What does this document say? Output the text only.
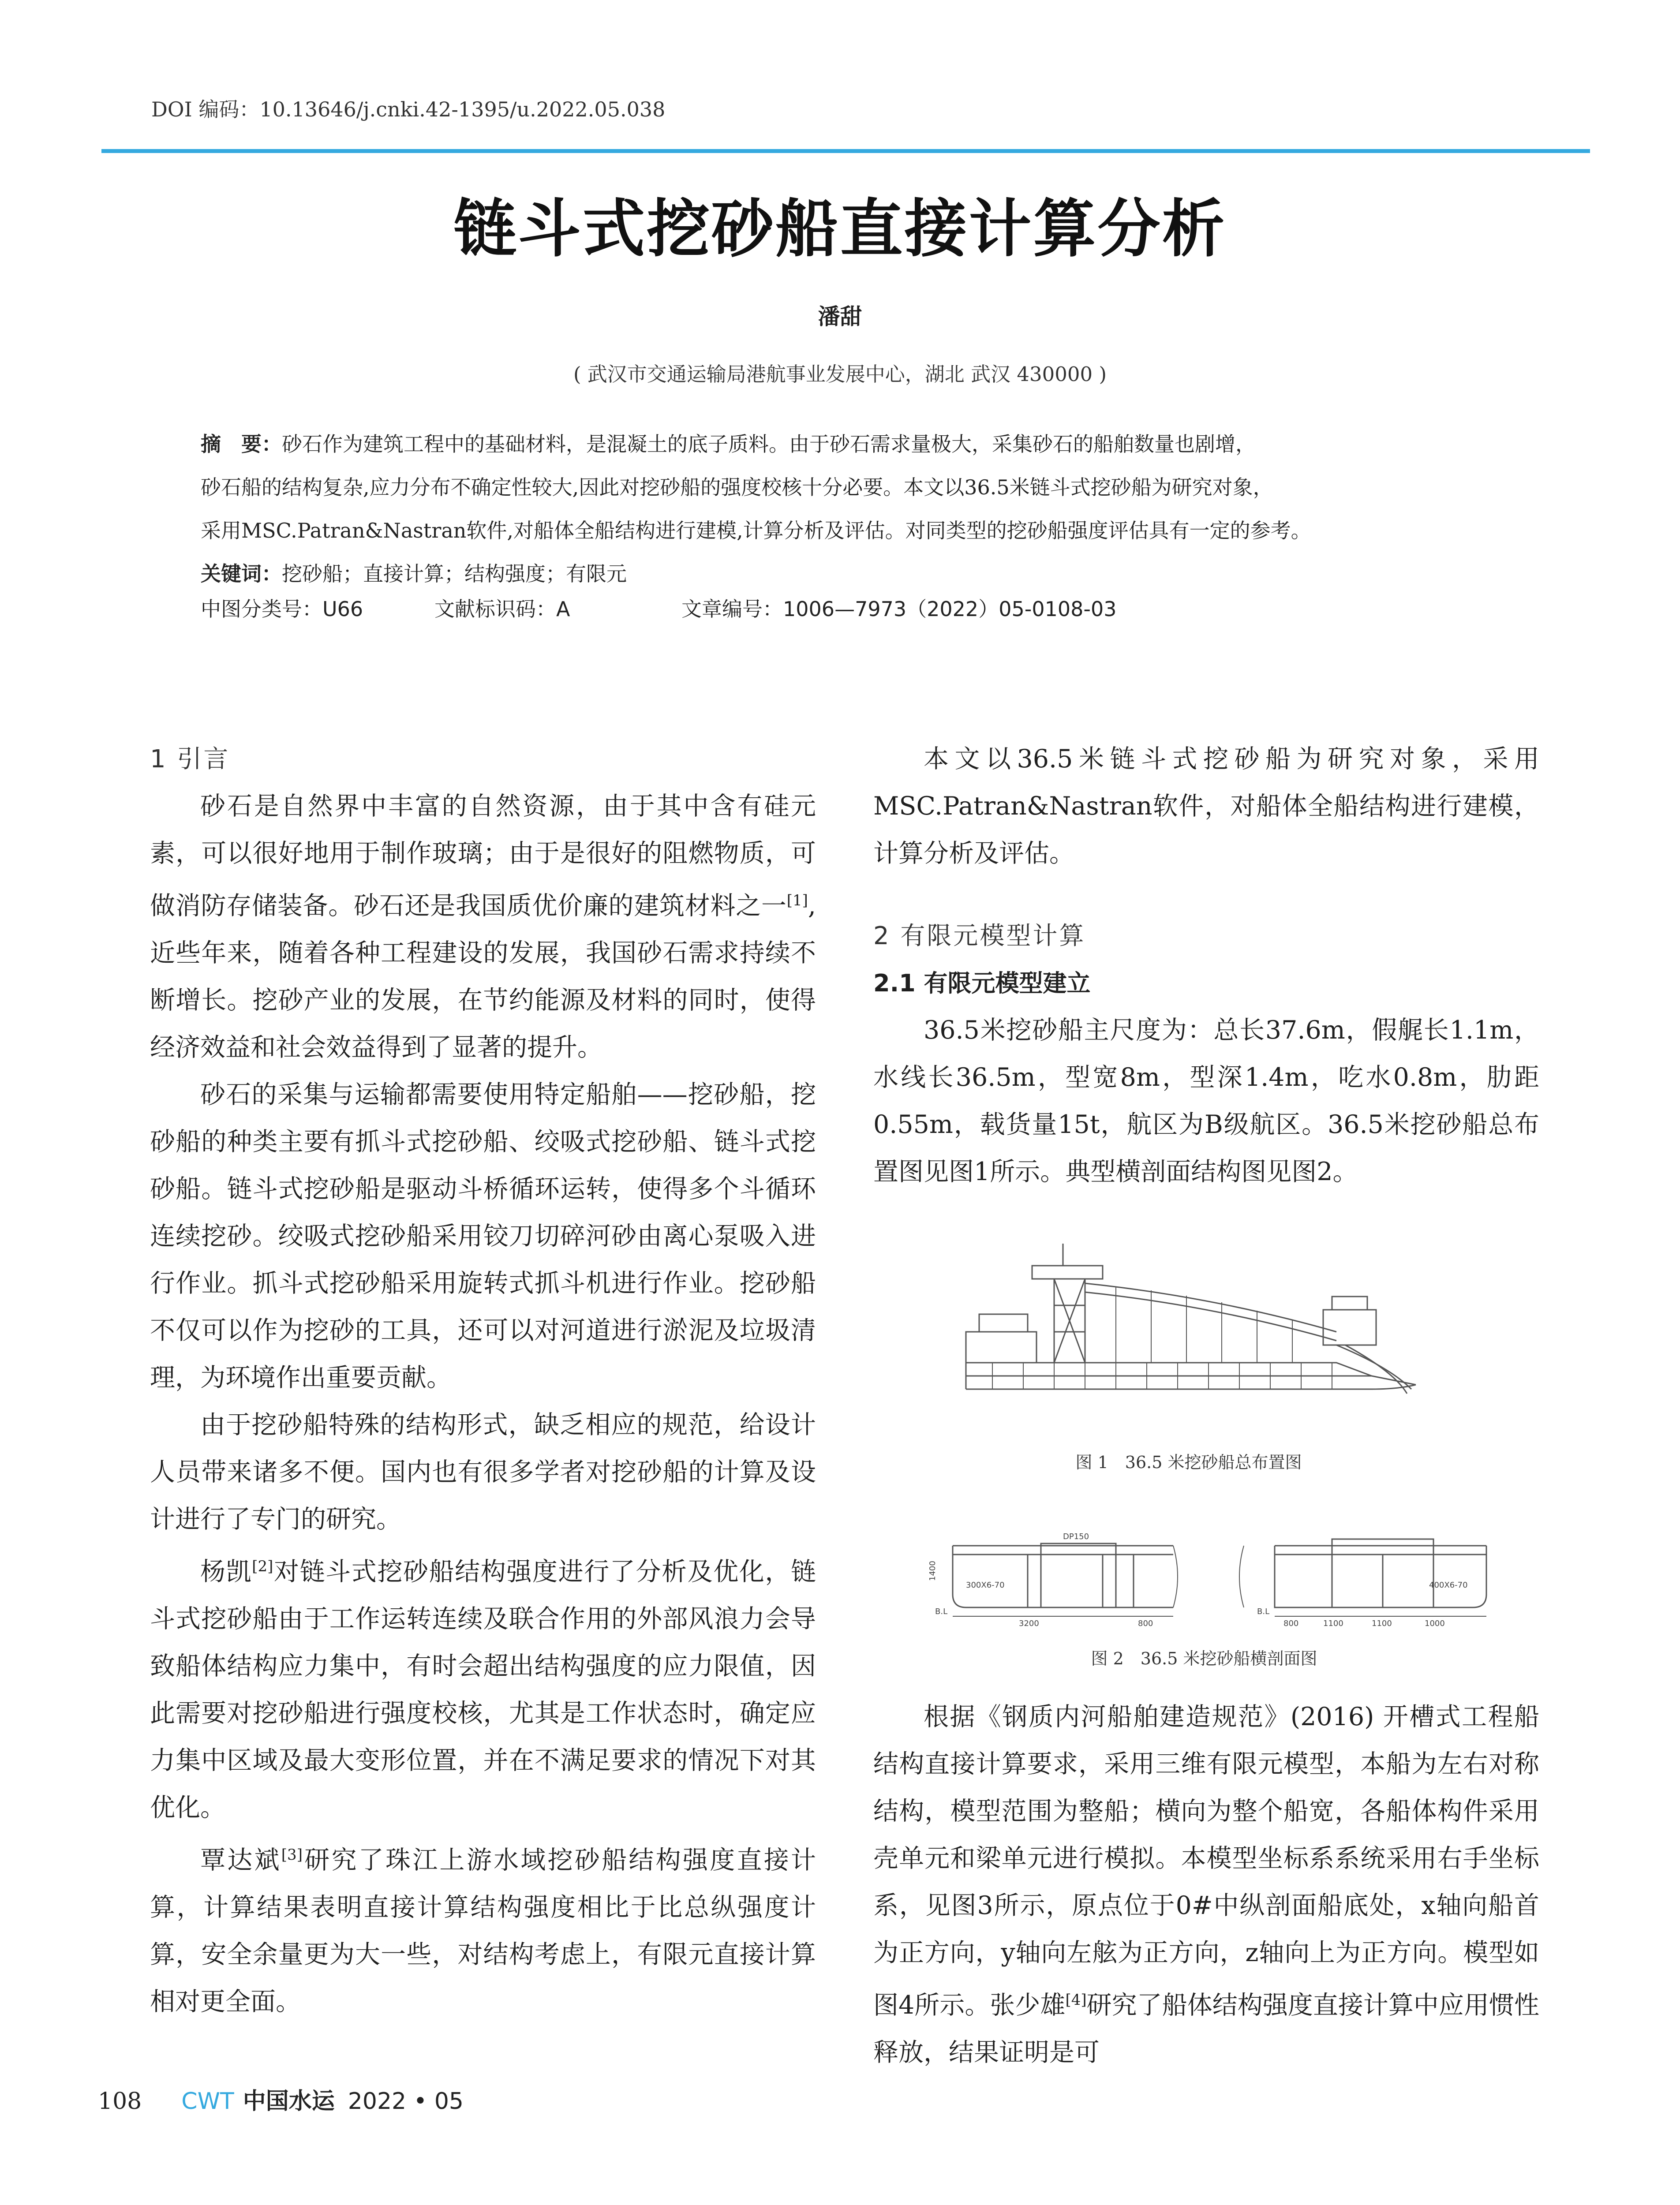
DOI 编码：10.13646/j.cnki.42-1395/u.2022.05.038
链斗式挖砂船直接计算分析
潘甜
( 武汉市交通运输局港航事业发展中心，湖北 武汉 430000 )
摘　要：砂石作为建筑工程中的基础材料，是混凝土的底子质料。由于砂石需求量极大，采集砂石的船舶数量也剧增，
砂石船的结构复杂,应力分布不确定性较大,因此对挖砂船的强度校核十分必要。本文以36.5米链斗式挖砂船为研究对象，
采用MSC.Patran&Nastran软件,对船体全船结构进行建模,计算分析及评估。对同类型的挖砂船强度评估具有一定的参考。
关键词：挖砂船；直接计算；结构强度；有限元
中图分类号：U66	文献标识码：A	文章编号：1006—7973（2022）05-0108-03
1 引言

砂石是自然界中丰富的自然资源，由于其中含有硅元素，可以很好地用于制作玻璃；由于是很好的阻燃物质，可做消防存储装备。砂石还是我国质优价廉的建筑材料之一[1],近些年来，随着各种工程建设的发展，我国砂石需求持续不断增长。挖砂产业的发展，在节约能源及材料的同时，使得经济效益和社会效益得到了显著的提升。

砂石的采集与运输都需要使用特定船舶——挖砂船，挖砂船的种类主要有抓斗式挖砂船、绞吸式挖砂船、链斗式挖砂船。链斗式挖砂船是驱动斗桥循环运转，使得多个斗循环连续挖砂。绞吸式挖砂船采用铰刀切碎河砂由离心泵吸入进行作业。抓斗式挖砂船采用旋转式抓斗机进行作业。挖砂船不仅可以作为挖砂的工具，还可以对河道进行淤泥及垃圾清理，为环境作出重要贡献。

由于挖砂船特殊的结构形式，缺乏相应的规范，给设计人员带来诸多不便。国内也有很多学者对挖砂船的计算及设计进行了专门的研究。

杨凯[2]对链斗式挖砂船结构强度进行了分析及优化，链斗式挖砂船由于工作运转连续及联合作用的外部风浪力会导致船体结构应力集中，有时会超出结构强度的应力限值，因此需要对挖砂船进行强度校核，尤其是工作状态时，确定应力集中区域及最大变形位置，并在不满足要求的情况下对其优化。

覃达斌[3]研究了珠江上游水域挖砂船结构强度直接计算，计算结果表明直接计算结构强度相比于比总纵强度计算，安全余量更为大一些，对结构考虑上，有限元直接计算相对更全面。

本文以36.5米链斗式挖砂船为研究对象，采用MSC.Patran&Nastran软件，对船体全船结构进行建模，计算分析及评估。

2 有限元模型计算
2.1 有限元模型建立

36.5米挖砂船主尺度为：总长37.6m，假艉长1.1m，水线长36.5m，型宽8m，型深1.4m，吃水0.8m，肋距0.55m，载货量15t，航区为B级航区。36.5米挖砂船总布置图见图1所示。典型横剖面结构图见图2。

图 1　36.5 米挖砂船总布置图
1400
3200	800	800	1100	1100	1000
DP150
B.L	B.L
300X6-70	400X6-70
图 2　36.5 米挖砂船横剖面图

根据《钢质内河船舶建造规范》(2016) 开槽式工程船结构直接计算要求，采用三维有限元模型，本船为左右对称结构，模型范围为整船；横向为整个船宽，各船体构件采用壳单元和梁单元进行模拟。本模型坐标系系统采用右手坐标系，见图3所示，原点位于0#中纵剖面船底处，x轴向船首为正方向，y轴向左舷为正方向，z轴向上为正方向。模型如图4所示。张少雄[4]研究了船体结构强度直接计算中应用惯性释放，结果证明是可

108 CWT 中国水运 2022 • 05
